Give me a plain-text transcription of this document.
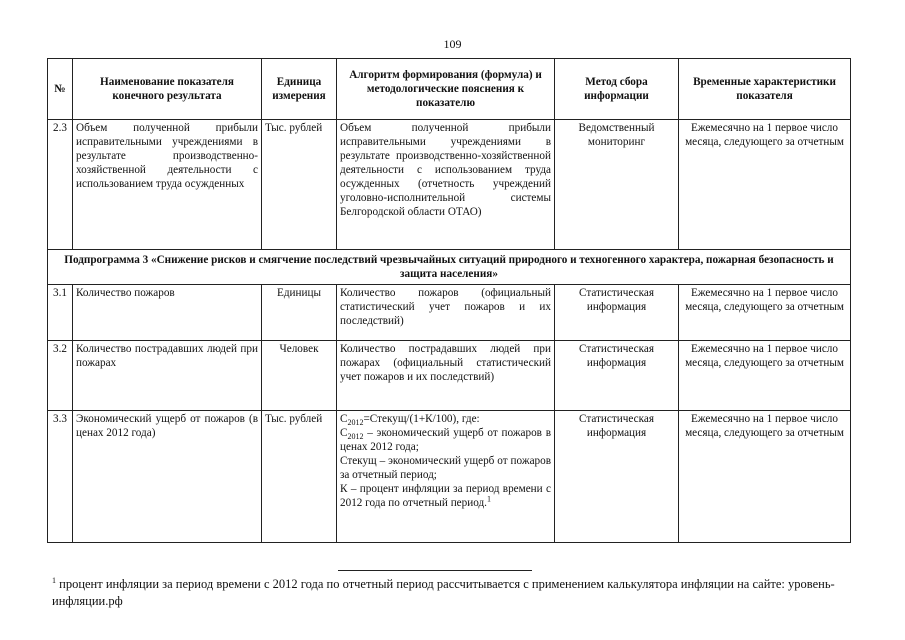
109
№	Наименование показателя конечного результата	Единица измерения	Алгоритм формирования (формула) и методологические пояснения к показателю	Метод сбора информации	Временные характеристики показателя
2.3	Объем полученной прибыли исправительными учреждениями в результате производственно-хозяйственной деятельности с использованием труда осужденных	Тыс. рублей	Объем полученной прибыли исправительными учреждениями в результате производственно-хозяйственной деятельности с использованием труда осужденных (отчетность учреждений уголовно-исполнительной системы Белгородской области ОТАО)	Ведомственный мониторинг	Ежемесячно на 1 первое число месяца, следующего за отчетным
Подпрограмма 3 «Снижение рисков и смягчение последствий чрезвычайных ситуаций природного и техногенного характера, пожарная безопасность и защита населения»					
3.1	Количество пожаров	Единицы	Количество пожаров (официальный статистический учет пожаров и их последствий)	Статистическая информация	Ежемесячно на 1 первое число месяца, следующего за отчетным
3.2	Количество пострадавших людей при пожарах	Человек	Количество пострадавших людей при пожарах (официальный статистический учет пожаров и их последствий)	Статистическая информация	Ежемесячно на 1 первое число месяца, следующего за отчетным
3.3	Экономический ущерб от пожаров (в ценах 2012 года)	Тыс. рублей	$С_{2012}=Стекущ/(1+К/100)$, где:
$С_{2012}$ – экономический ущерб от пожаров в ценах 2012 года;
Стекущ – экономический ущерб от пожаров за отчетный период;
К – процент инфляции за период времени с 2012 года по отчетный период.$^1$	Статистическая информация	Ежемесячно на 1 первое число месяца, следующего за отчетным
$^1$ процент инфляции за период времени с 2012 года по отчетный период рассчитывается с применением калькулятора инфляции на сайте: уровень-инфляции.рф
